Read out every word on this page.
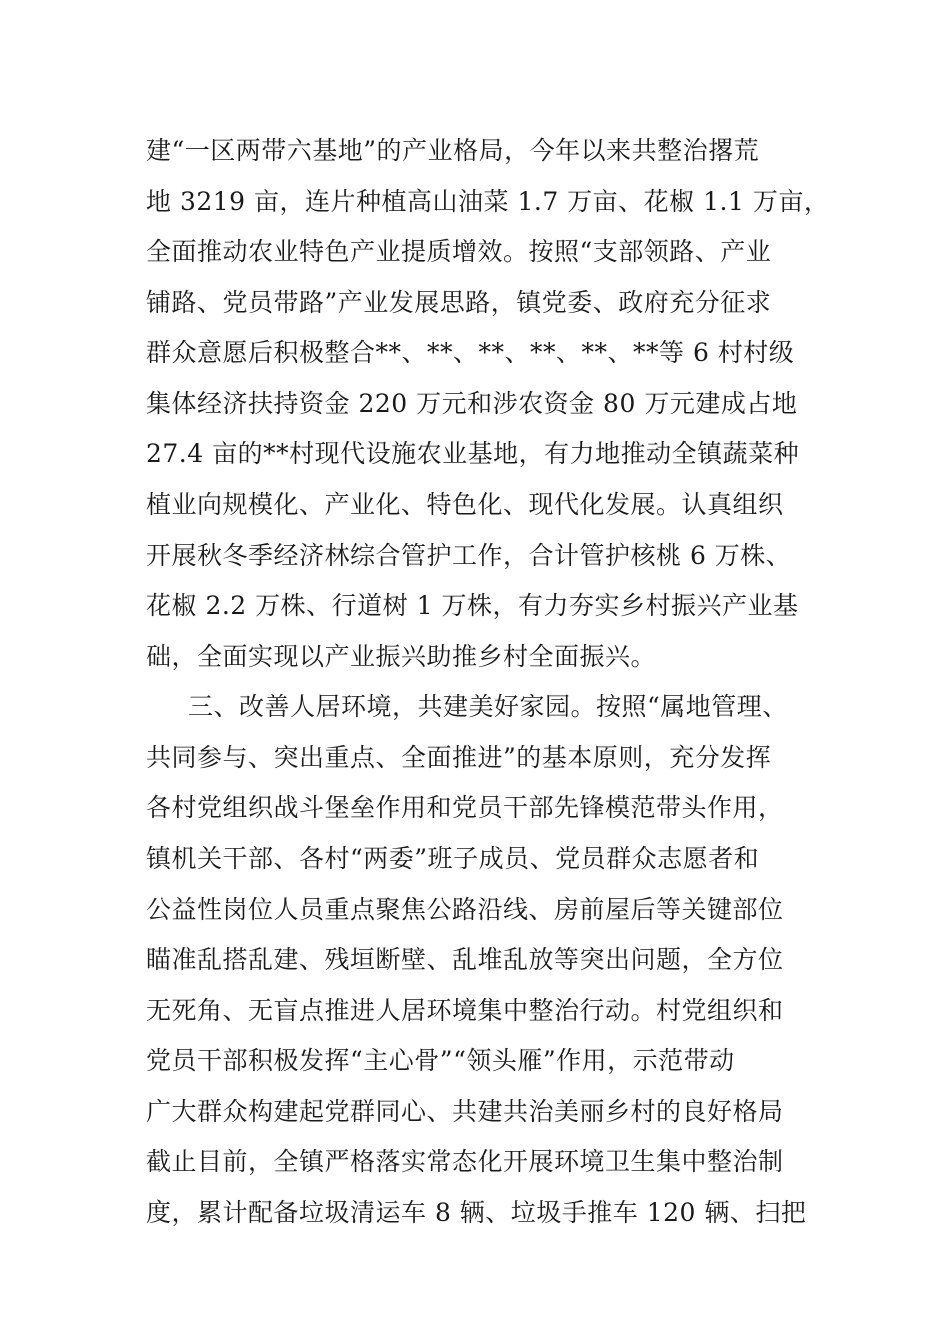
建“一区两带六基地”的产业格局，今年以来共整治撂荒
地 3219 亩，连片种植高山油菜 1.7 万亩、花椒 1.1 万亩，
全面推动农业特色产业提质增效。按照“支部领路、产业
铺路、党员带路”产业发展思路，镇党委、政府充分征求
群众意愿后积极整合**、**、**、**、**、**等 6 村村级
集体经济扶持资金 220 万元和涉农资金 80 万元建成占地
27.4 亩的**村现代设施农业基地，有力地推动全镇蔬菜种
植业向规模化、产业化、特色化、现代化发展。认真组织
开展秋冬季经济林综合管护工作，合计管护核桃 6 万株、
花椒 2.2 万株、行道树 1 万株，有力夯实乡村振兴产业基
础，全面实现以产业振兴助推乡村全面振兴。
三、改善人居环境，共建美好家园。按照“属地管理、
共同参与、突出重点、全面推进”的基本原则，充分发挥
各村党组织战斗堡垒作用和党员干部先锋模范带头作用，
镇机关干部、各村“两委”班子成员、党员群众志愿者和
公益性岗位人员重点聚焦公路沿线、房前屋后等关键部位
瞄准乱搭乱建、残垣断壁、乱堆乱放等突出问题，全方位
无死角、无盲点推进人居环境集中整治行动。村党组织和
党员干部积极发挥“主心骨”“领头雁”作用，示范带动
广大群众构建起党群同心、共建共治美丽乡村的良好格局
截止目前，全镇严格落实常态化开展环境卫生集中整治制
度，累计配备垃圾清运车 8 辆、垃圾手推车 120 辆、扫把
